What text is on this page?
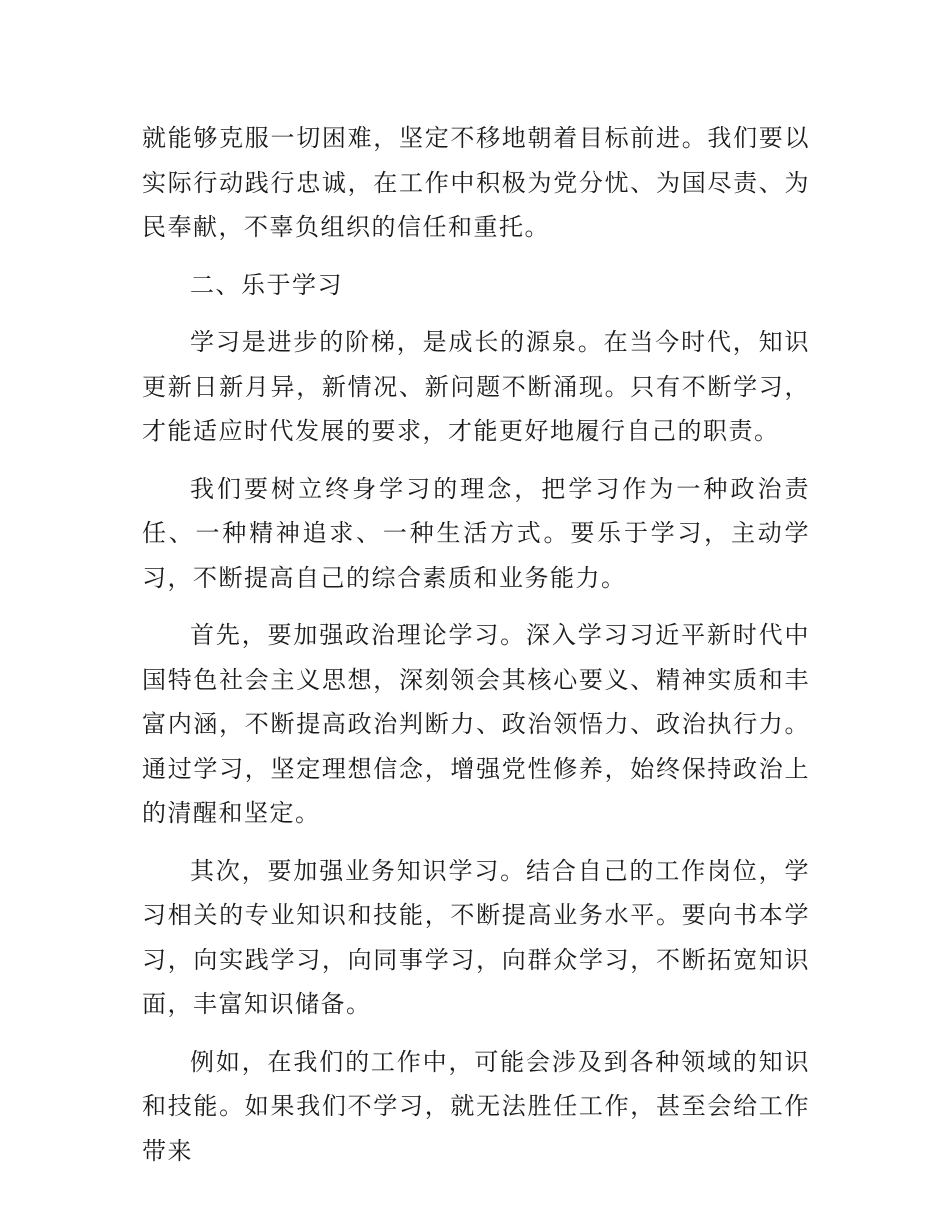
就能够克服一切困难，坚定不移地朝着目标前进。我们要以实际行动践行忠诚，在工作中积极为党分忧、为国尽责、为民奉献，不辜负组织的信任和重托。

二、乐于学习

学习是进步的阶梯，是成长的源泉。在当今时代，知识更新日新月异，新情况、新问题不断涌现。只有不断学习，才能适应时代发展的要求，才能更好地履行自己的职责。

我们要树立终身学习的理念，把学习作为一种政治责任、一种精神追求、一种生活方式。要乐于学习，主动学习，不断提高自己的综合素质和业务能力。

首先，要加强政治理论学习。深入学习习近平新时代中国特色社会主义思想，深刻领会其核心要义、精神实质和丰富内涵，不断提高政治判断力、政治领悟力、政治执行力。通过学习，坚定理想信念，增强党性修养，始终保持政治上的清醒和坚定。

其次，要加强业务知识学习。结合自己的工作岗位，学习相关的专业知识和技能，不断提高业务水平。要向书本学习，向实践学习，向同事学习，向群众学习，不断拓宽知识面，丰富知识储备。

例如，在我们的工作中，可能会涉及到各种领域的知识和技能。如果我们不学习，就无法胜任工作，甚至会给工作带来
